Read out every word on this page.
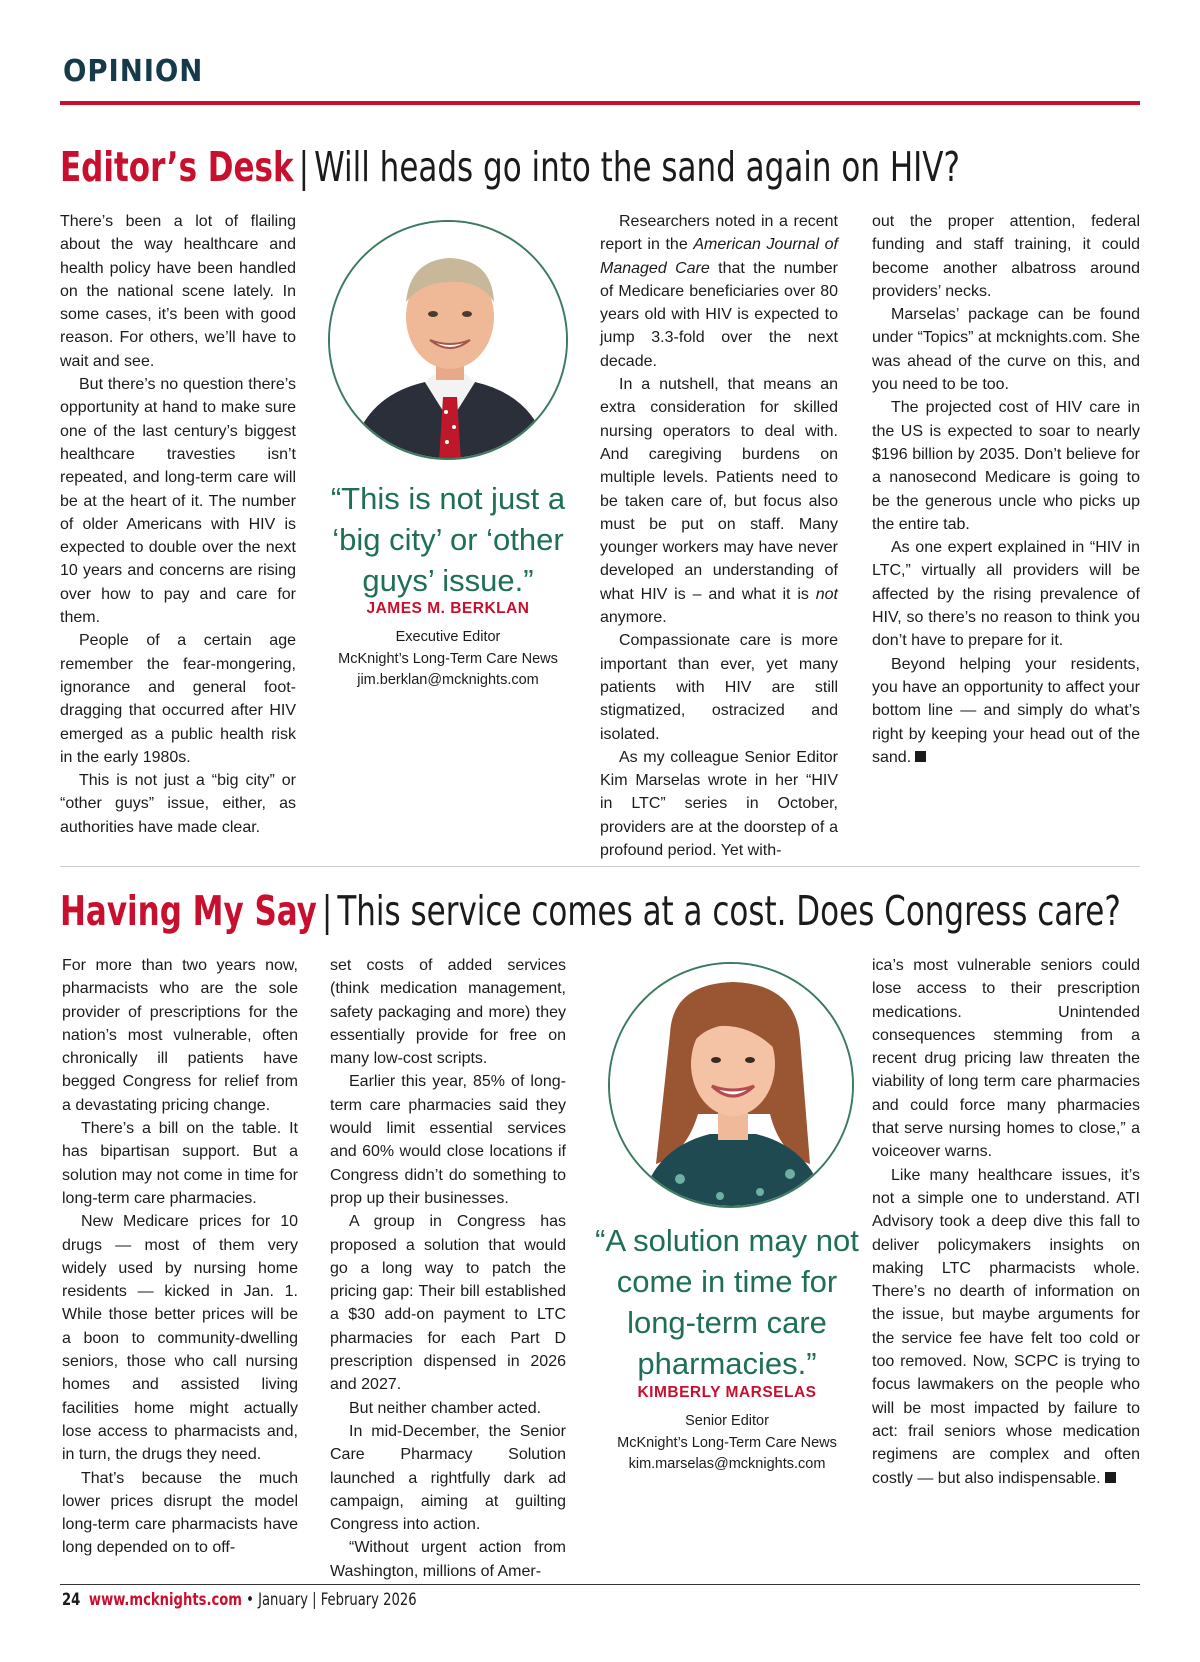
OPINION
Editor’s Desk | Will heads go into the sand again on HIV?

There’s been a lot of flailing about the way healthcare and health policy have been handled on the national scene lately. In some cases, it’s been with good reason. For others, we’ll have to wait and see.

But there’s no question there’s opportunity at hand to make sure one of the last century’s biggest healthcare travesties isn’t repeated, and long-term care will be at the heart of it. The number of older Americans with HIV is expected to double over the next 10 years and concerns are rising over how to pay and care for them.

People of a certain age remember the fear-mongering, ignorance and general foot-dragging that occurred after HIV emerged as a public health risk in the early 1980s.

This is not just a “big city” or “other guys” issue, either, as authorities have made clear.

“This is not just a ‘big city’ or ‘other guys’ issue.”
JAMES M. BERKLAN
Executive Editor
McKnight’s Long-Term Care News
jim.berklan@mcknights.com

Researchers noted in a recent report in the American Journal of Managed Care that the number of Medicare beneficiaries over 80 years old with HIV is expected to jump 3.3-fold over the next decade.

In a nutshell, that means an extra consideration for skilled nursing operators to deal with. And caregiving burdens on multiple levels. Patients need to be taken care of, but focus also must be put on staff. Many younger workers may have never developed an understanding of what HIV is – and what it is not anymore.

Compassionate care is more important than ever, yet many patients with HIV are still stigmatized, ostracized and isolated.

As my colleague Senior Editor Kim Marselas wrote in her “HIV in LTC” series in October, providers are at the doorstep of a profound period. Yet with-

out the proper attention, federal funding and staff training, it could become another albatross around providers’ necks.

Marselas’ package can be found under “Topics” at mcknights.com. She was ahead of the curve on this, and you need to be too.

The projected cost of HIV care in the US is expected to soar to nearly $196 billion by 2035. Don’t believe for a nanosecond Medicare is going to be the generous uncle who picks up the entire tab.

As one expert explained in “HIV in LTC,” virtually all providers will be affected by the rising prevalence of HIV, so there’s no reason to think you don’t have to prepare for it.

Beyond helping your residents, you have an opportunity to affect your bottom line — and simply do what’s right by keeping your head out of the sand.

Having My Say | This service comes at a cost. Does Congress care?

For more than two years now, pharmacists who are the sole provider of prescriptions for the nation’s most vulnerable, often chronically ill patients have begged Congress for relief from a devastating pricing change.

There’s a bill on the table. It has bipartisan support. But a solution may not come in time for long-term care pharmacies.

New Medicare prices for 10 drugs — most of them very widely used by nursing home residents — kicked in Jan. 1. While those better prices will be a boon to community-dwelling seniors, those who call nursing homes and assisted living facilities home might actually lose access to pharmacists and, in turn, the drugs they need.

That’s because the much lower prices disrupt the model long-term care pharmacists have long depended on to off-

set costs of added services (think medication management, safety packaging and more) they essentially provide for free on many low-cost scripts.

Earlier this year, 85% of long-term care pharmacies said they would limit essential services and 60% would close locations if Congress didn’t do something to prop up their businesses.

A group in Congress has proposed a solution that would go a long way to patch the pricing gap: Their bill established a $30 add-on payment to LTC pharmacies for each Part D prescription dispensed in 2026 and 2027.

But neither chamber acted.

In mid-December, the Senior Care Pharmacy Solution launched a rightfully dark ad campaign, aiming at guilting Congress into action.

“Without urgent action from Washington, millions of Amer-

“A solution may not come in time for long-term care pharmacies.”
KIMBERLY MARSELAS
Senior Editor
McKnight’s Long-Term Care News
kim.marselas@mcknights.com

ica’s most vulnerable seniors could lose access to their prescription medications. Unintended consequences stemming from a recent drug pricing law threaten the viability of long term care pharmacies and could force many pharmacies that serve nursing homes to close,” a voiceover warns.

Like many healthcare issues, it’s not a simple one to understand. ATI Advisory took a deep dive this fall to deliver policymakers insights on making LTC pharmacists whole. There’s no dearth of information on the issue, but maybe arguments for the service fee have felt too cold or too removed. Now, SCPC is trying to focus lawmakers on the people who will be most impacted by failure to act: frail seniors whose medication regimens are complex and often costly — but also indispensable.

24 www.mcknights.com • January | February 2026
